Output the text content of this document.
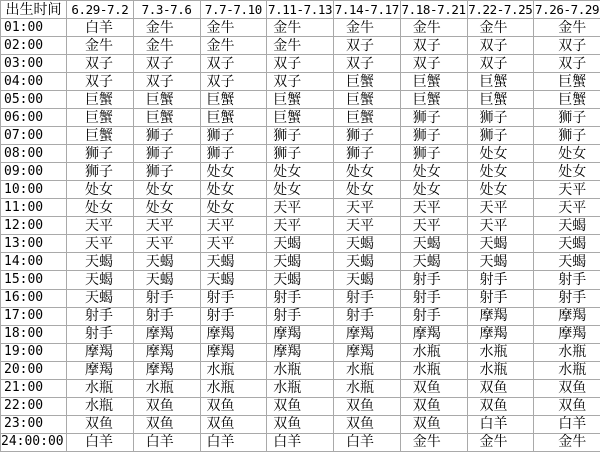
出生时间	6.29-7.2	7.3-7.6	7.7-7.10	7.11-7.13	7.14-7.17	7.18-7.21	7.22-7.25	7.26-7.29
01:00	白羊	金牛	金牛	金牛	金牛	金牛	金牛	金牛
02:00	金牛	金牛	金牛	金牛	双子	双子	双子	双子
03:00	双子	双子	双子	双子	双子	双子	双子	双子
04:00	双子	双子	双子	双子	巨蟹	巨蟹	巨蟹	巨蟹
05:00	巨蟹	巨蟹	巨蟹	巨蟹	巨蟹	巨蟹	巨蟹	巨蟹
06:00	巨蟹	巨蟹	巨蟹	巨蟹	巨蟹	狮子	狮子	狮子
07:00	巨蟹	狮子	狮子	狮子	狮子	狮子	狮子	狮子
08:00	狮子	狮子	狮子	狮子	狮子	狮子	处女	处女
09:00	狮子	狮子	处女	处女	处女	处女	处女	处女
10:00	处女	处女	处女	处女	处女	处女	处女	天平
11:00	处女	处女	处女	天平	天平	天平	天平	天平
12:00	天平	天平	天平	天平	天平	天平	天平	天蝎
13:00	天平	天平	天平	天蝎	天蝎	天蝎	天蝎	天蝎
14:00	天蝎	天蝎	天蝎	天蝎	天蝎	天蝎	天蝎	天蝎
15:00	天蝎	天蝎	天蝎	天蝎	天蝎	射手	射手	射手
16:00	天蝎	射手	射手	射手	射手	射手	射手	射手
17:00	射手	射手	射手	射手	射手	射手	摩羯	摩羯
18:00	射手	摩羯	摩羯	摩羯	摩羯	摩羯	摩羯	摩羯
19:00	摩羯	摩羯	摩羯	摩羯	摩羯	水瓶	水瓶	水瓶
20:00	摩羯	摩羯	水瓶	水瓶	水瓶	水瓶	水瓶	水瓶
21:00	水瓶	水瓶	水瓶	水瓶	水瓶	双鱼	双鱼	双鱼
22:00	水瓶	双鱼	双鱼	双鱼	双鱼	双鱼	双鱼	双鱼
23:00	双鱼	双鱼	双鱼	双鱼	双鱼	双鱼	白羊	白羊
24:00:00	白羊	白羊	白羊	白羊	白羊	金牛	金牛	金牛
